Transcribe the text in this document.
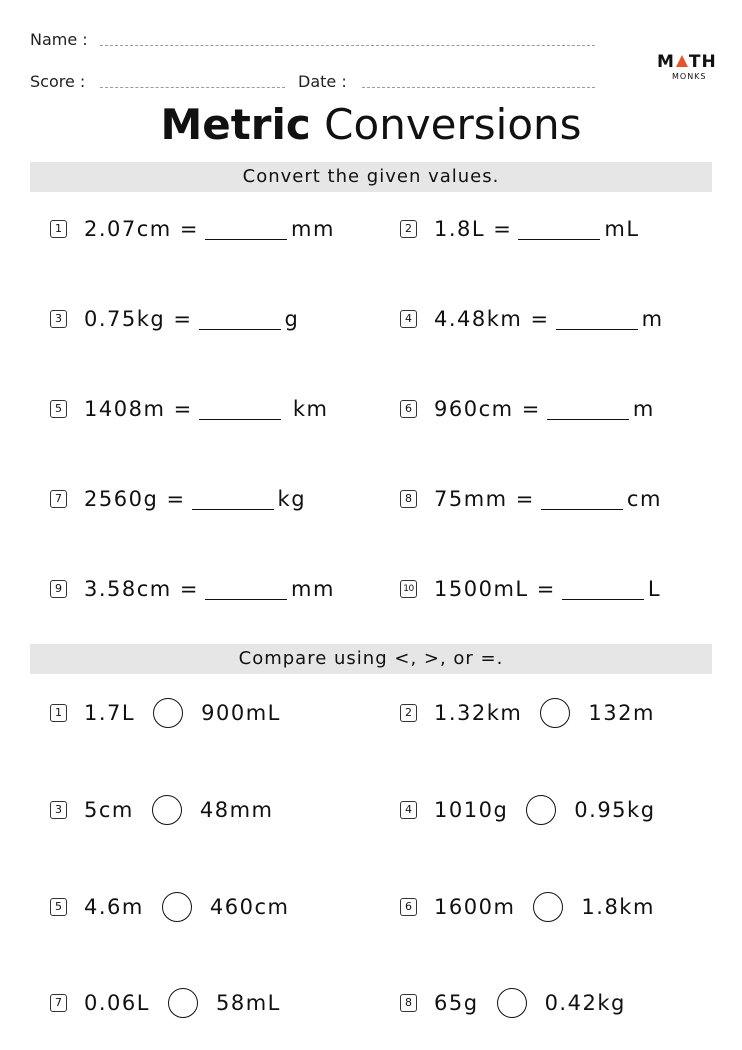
Name :
Score :	Date :
M TH
MONKS
Metric Conversions
Convert the given values.
1 2.07cm =	mm	2 1.8L =	mL
3 0.75kg =	g	4 4.48km =	m
5 1408m =	km	6 960cm =	m
7 2560g =	kg	8 75mm =	cm
9 3.58cm =	mm	10 1500mL =	L
Compare using <, >, or =.
1 1.7L	900mL	2 1.32km	132m
3 5cm	48mm	4 1010g	0.95kg
5 4.6m	460cm	6 1600m	1.8km
7 0.06L	58mL	8 65g	0.42kg
